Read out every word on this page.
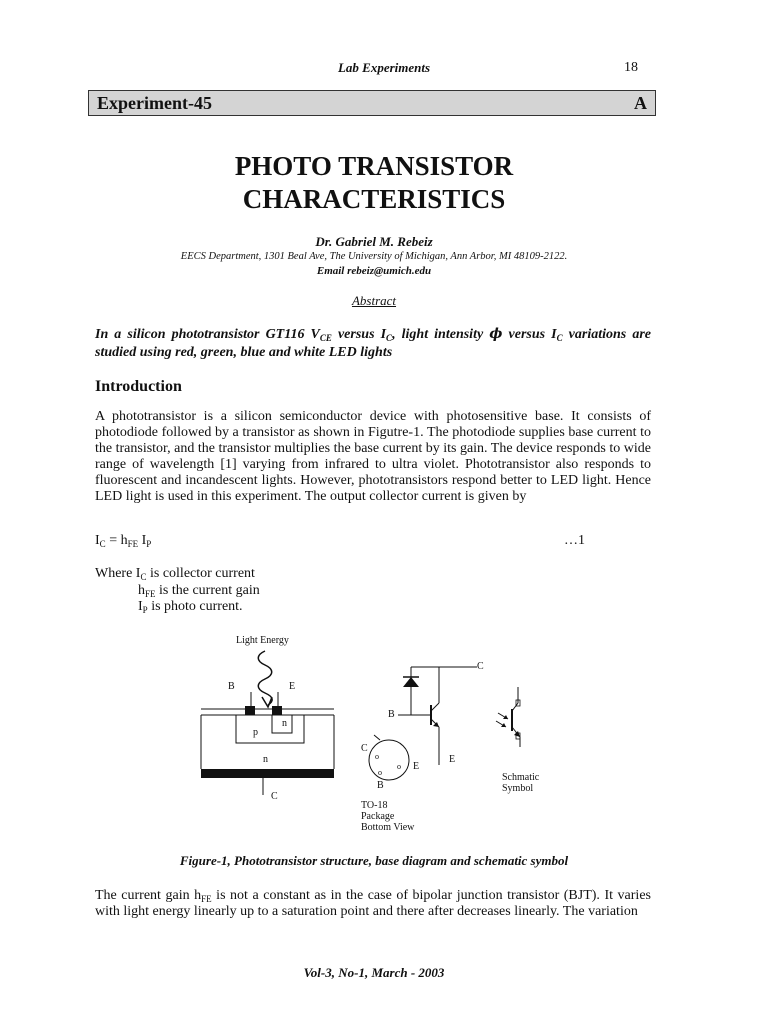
Lab Experiments	18
Experiment-45	A
PHOTO TRANSISTOR
CHARACTERISTICS
Dr. Gabriel M. Rebeiz
EECS Department, 1301 Beal Ave, The University of Michigan, Ann Arbor, MI 48109-2122.
Email rebeiz@umich.edu
Abstract
In a silicon phototransistor GT116 $V_{CE}$ versus $I_C$, light intensity ϕ versus $I_C$ variations are studied using red, green, blue and white LED lights
Introduction
A phototransistor is a silicon semiconductor device with photosensitive base. It consists of photodiode followed by a transistor as shown in Figutre-1. The photodiode supplies base current to the transistor, and the transistor multiplies the base current by its gain. The device responds to wide range of wavelength [1] varying from infrared to ultra violet. Phototransistor also responds to fluorescent and incandescent lights. However, phototransistors respond better to LED light. Hence LED light is used in this experiment. The output collector current is given by
$I_C = h_{FE}$ $I_P$	…1
Where $I_C$ is collector current
$h_{FE}$ is the current gain
$I_P$ is photo current.
Light Energy
B	E
n
p
n
C
C
B
E
C
o
o
o
E
B
TO-18
Package
Bottom View
Schmatic
Symbol
Figure-1, Phototransistor structure, base diagram and schematic symbol
The current gain $h_{FE}$ is not a constant as in the case of bipolar junction transistor (BJT). It varies with light energy linearly up to a saturation point and there after decreases linearly. The variation
Vol-3, No-1, March - 2003
